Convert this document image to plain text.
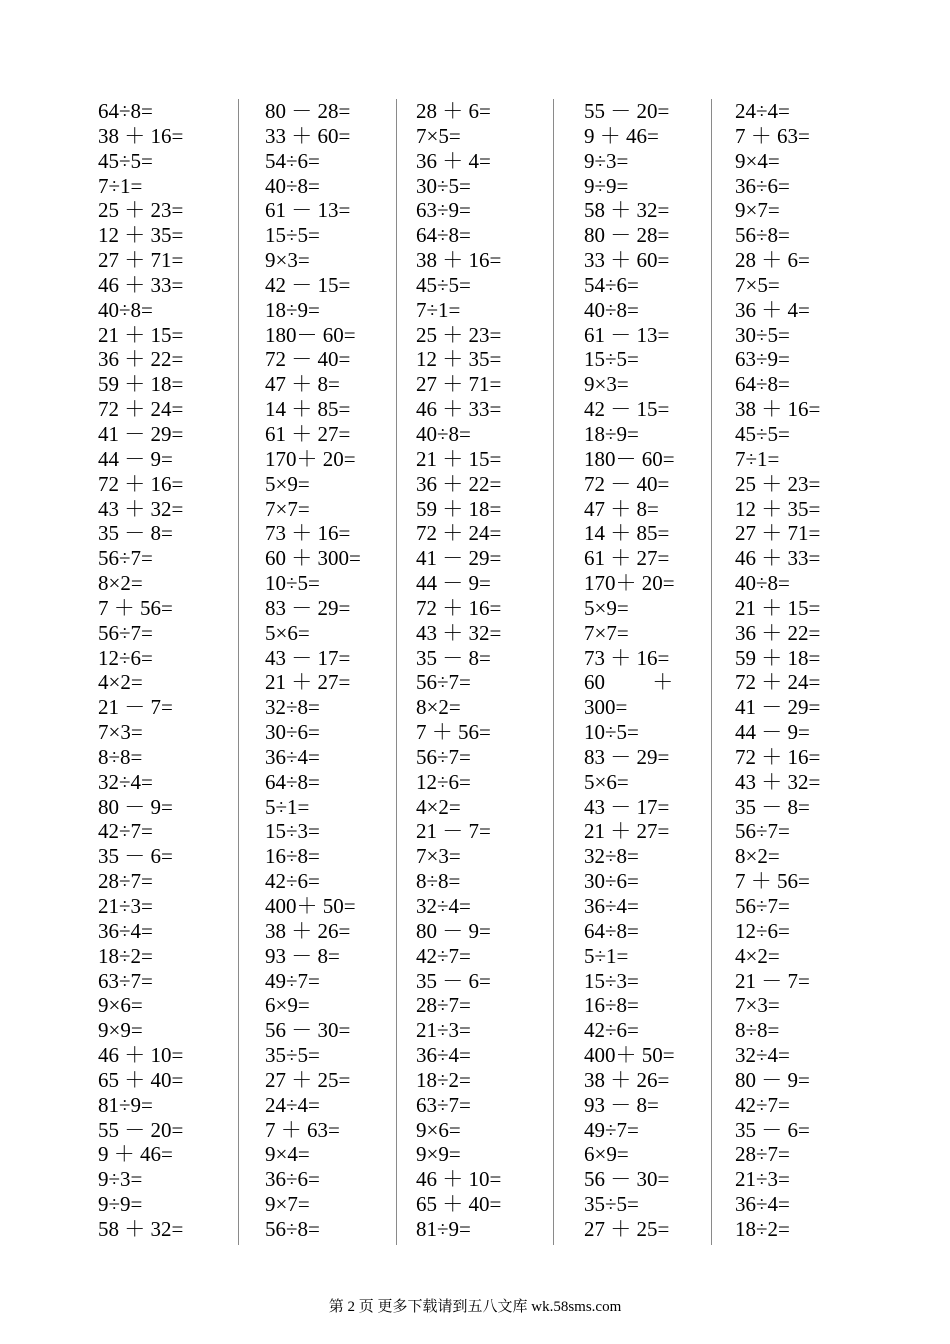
64÷8=
38 ＋ 16=
45÷5=
7÷1=
25 ＋ 23=
12 ＋ 35=
27 ＋ 71=
46 ＋ 33=
40÷8=
21 ＋ 15=
36 ＋ 22=
59 ＋ 18=
72 ＋ 24=
41 － 29=
44 － 9=
72 ＋ 16=
43 ＋ 32=
35 － 8=
56÷7=
8×2=
7 ＋ 56=
56÷7=
12÷6=
4×2=
21 － 7=
7×3=
8÷8=
32÷4=
80 － 9=
42÷7=
35 － 6=
28÷7=
21÷3=
36÷4=
18÷2=
63÷7=
9×6=
9×9=
46 ＋ 10=
65 ＋ 40=
81÷9=
55 － 20=
9 ＋ 46=
9÷3=
9÷9=
58 ＋ 32=
80 － 28=
33 ＋ 60=
54÷6=
40÷8=
61 － 13=
15÷5=
9×3=
42 － 15=
18÷9=
180－ 60=
72 － 40=
47 ＋ 8=
14 ＋ 85=
61 ＋ 27=
170＋ 20=
5×9=
7×7=
73 ＋ 16=
60 ＋ 300=
10÷5=
83 － 29=
5×6=
43 － 17=
21 ＋ 27=
32÷8=
30÷6=
36÷4=
64÷8=
5÷1=
15÷3=
16÷8=
42÷6=
400＋ 50=
38 ＋ 26=
93 － 8=
49÷7=
6×9=
56 － 30=
35÷5=
27 ＋ 25=
24÷4=
7 ＋ 63=
9×4=
36÷6=
9×7=
56÷8=
28 ＋ 6=
7×5=
36 ＋ 4=
30÷5=
63÷9=
64÷8=
38 ＋ 16=
45÷5=
7÷1=
25 ＋ 23=
12 ＋ 35=
27 ＋ 71=
46 ＋ 33=
40÷8=
21 ＋ 15=
36 ＋ 22=
59 ＋ 18=
72 ＋ 24=
41 － 29=
44 － 9=
72 ＋ 16=
43 ＋ 32=
35 － 8=
56÷7=
8×2=
7 ＋ 56=
56÷7=
12÷6=
4×2=
21 － 7=
7×3=
8÷8=
32÷4=
80 － 9=
42÷7=
35 － 6=
28÷7=
21÷3=
36÷4=
18÷2=
63÷7=
9×6=
9×9=
46 ＋ 10=
65 ＋ 40=
81÷9=
55 － 20=
9 ＋ 46=
9÷3=
9÷9=
58 ＋ 32=
80 － 28=
33 ＋ 60=
54÷6=
40÷8=
61 － 13=
15÷5=
9×3=
42 － 15=
18÷9=
180－ 60=
72 － 40=
47 ＋ 8=
14 ＋ 85=
61 ＋ 27=
170＋ 20=
5×9=
7×7=
73 ＋ 16=
60         ＋
300=
10÷5=
83 － 29=
5×6=
43 － 17=
21 ＋ 27=
32÷8=
30÷6=
36÷4=
64÷8=
5÷1=
15÷3=
16÷8=
42÷6=
400＋ 50=
38 ＋ 26=
93 － 8=
49÷7=
6×9=
56 － 30=
35÷5=
27 ＋ 25=
24÷4=
7 ＋ 63=
9×4=
36÷6=
9×7=
56÷8=
28 ＋ 6=
7×5=
36 ＋ 4=
30÷5=
63÷9=
64÷8=
38 ＋ 16=
45÷5=
7÷1=
25 ＋ 23=
12 ＋ 35=
27 ＋ 71=
46 ＋ 33=
40÷8=
21 ＋ 15=
36 ＋ 22=
59 ＋ 18=
72 ＋ 24=
41 － 29=
44 － 9=
72 ＋ 16=
43 ＋ 32=
35 － 8=
56÷7=
8×2=
7 ＋ 56=
56÷7=
12÷6=
4×2=
21 － 7=
7×3=
8÷8=
32÷4=
80 － 9=
42÷7=
35 － 6=
28÷7=
21÷3=
36÷4=
18÷2=
第 2 页 更多下载请到五八文库 wk.58sms.com
